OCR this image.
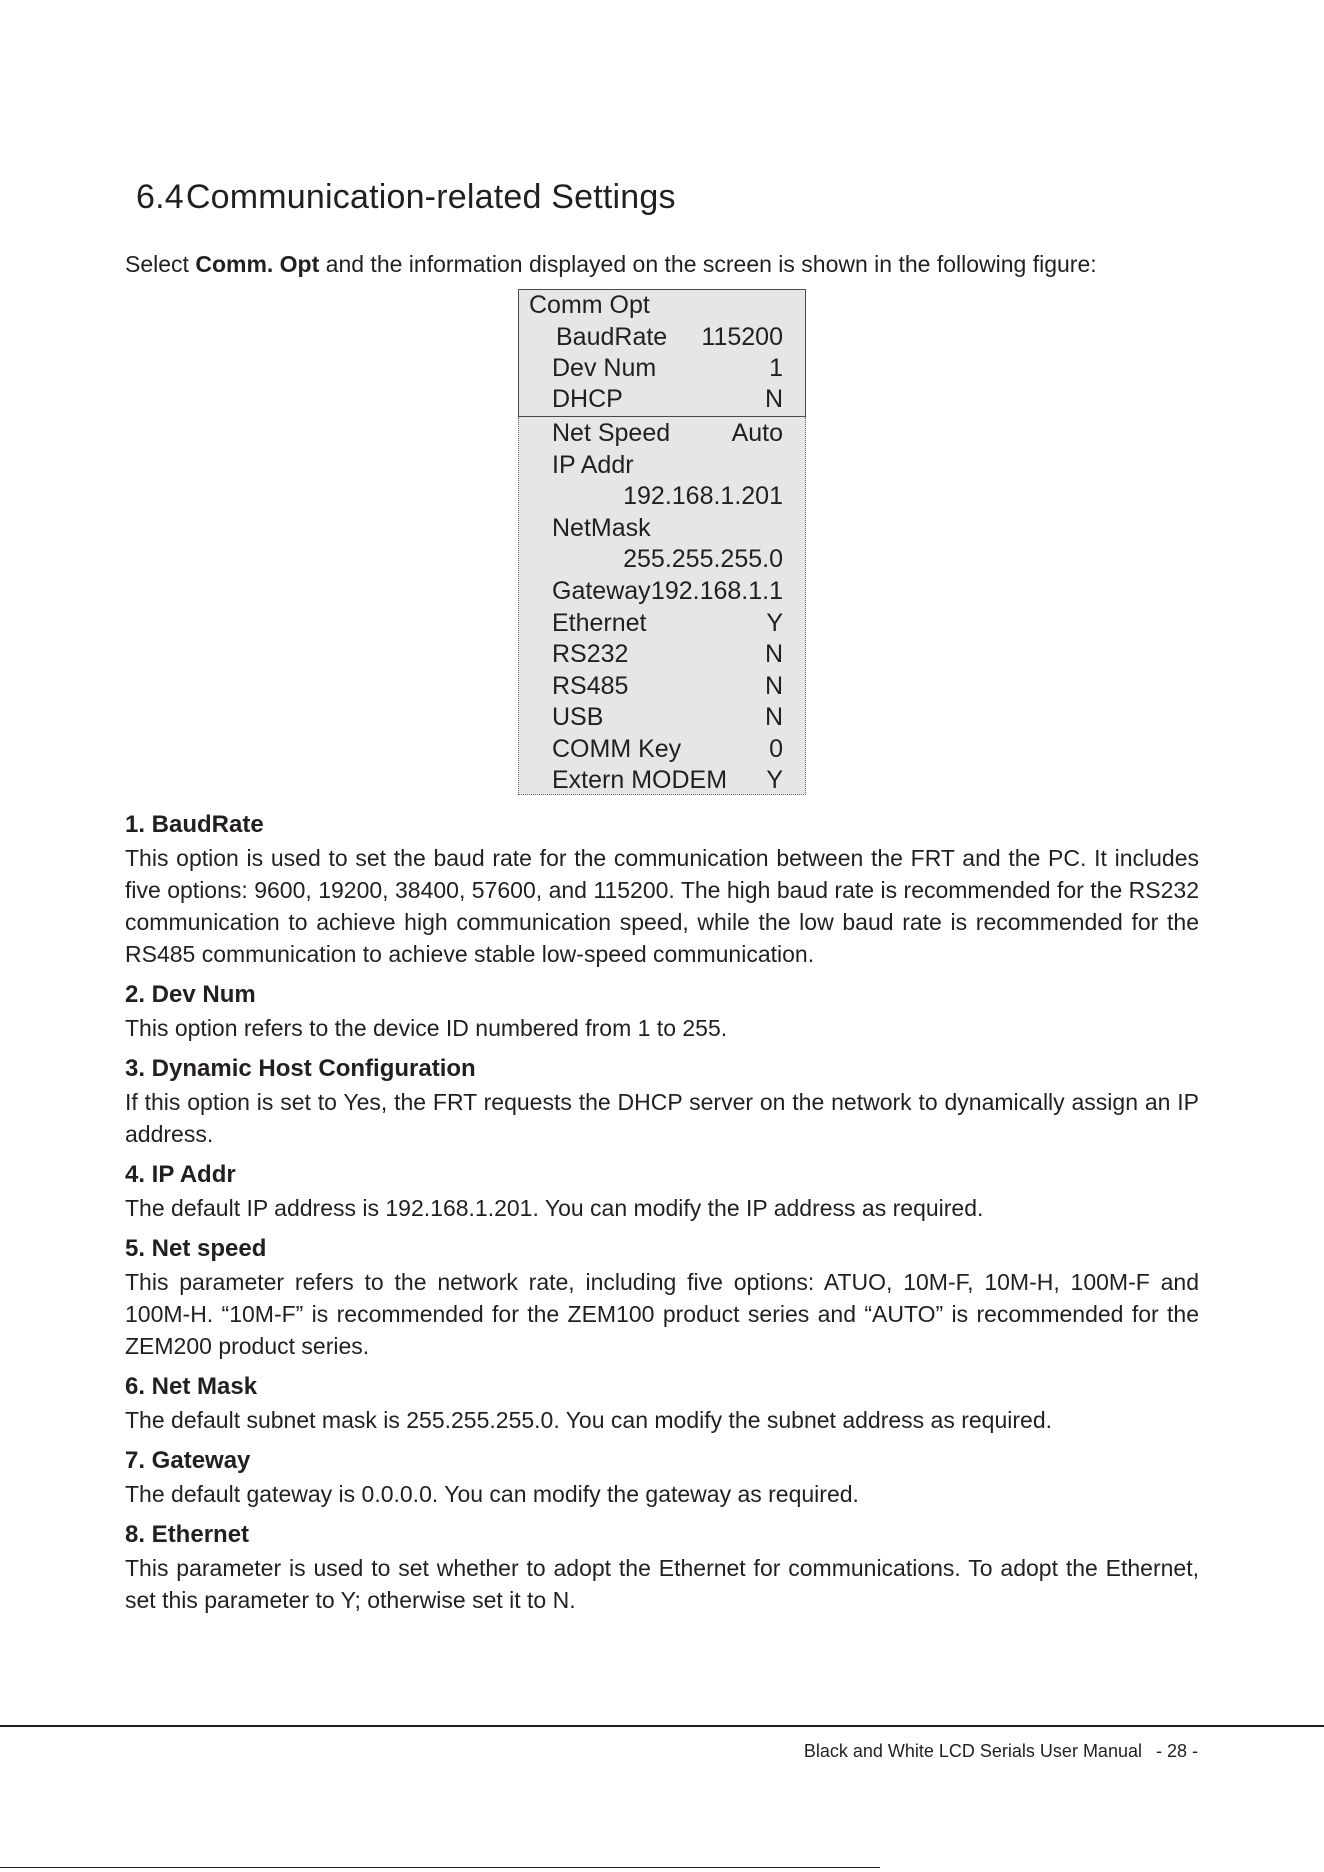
6.4Communication-related Settings

Select Comm. Opt and the information displayed on the screen is shown in the following figure:

Comm Opt
BaudRate 115200
Dev Num	1
DHCP	N
Net Speed Auto
IP Addr
192.168.1.201
NetMask
255.255.255.0
Gateway 192.168.1.1
Ethernet	Y
RS232	N
RS485	N
USB	N
COMM Key	0
Extern MODEM Y
1. BaudRate

This option is used to set the baud rate for the communication between the FRT and the PC. It includes five options: 9600, 19200, 38400, 57600, and 115200. The high baud rate is recommended for the RS232 communication to achieve high communication speed, while the low baud rate is recommended for the RS485 communication to achieve stable low-speed communication.

2. Dev Num

This option refers to the device ID numbered from 1 to 255.

3. Dynamic Host Configuration

If this option is set to Yes, the FRT requests the DHCP server on the network to dynamically assign an IP address.

4. IP Addr

The default IP address is 192.168.1.201. You can modify the IP address as required.

5. Net speed

This parameter refers to the network rate, including five options: ATUO, 10M-F, 10M-H, 100M-F and 100M-H. “10M-F” is recommended for the ZEM100 product series and “AUTO” is recommended for the ZEM200 product series.

6. Net Mask

The default subnet mask is 255.255.255.0. You can modify the subnet address as required.

7. Gateway

The default gateway is 0.0.0.0. You can modify the gateway as required.

8. Ethernet

This parameter is used to set whether to adopt the Ethernet for communications. To adopt the Ethernet, set this parameter to Y; otherwise set it to N.

Black and White LCD Serials User Manual - 28 -
